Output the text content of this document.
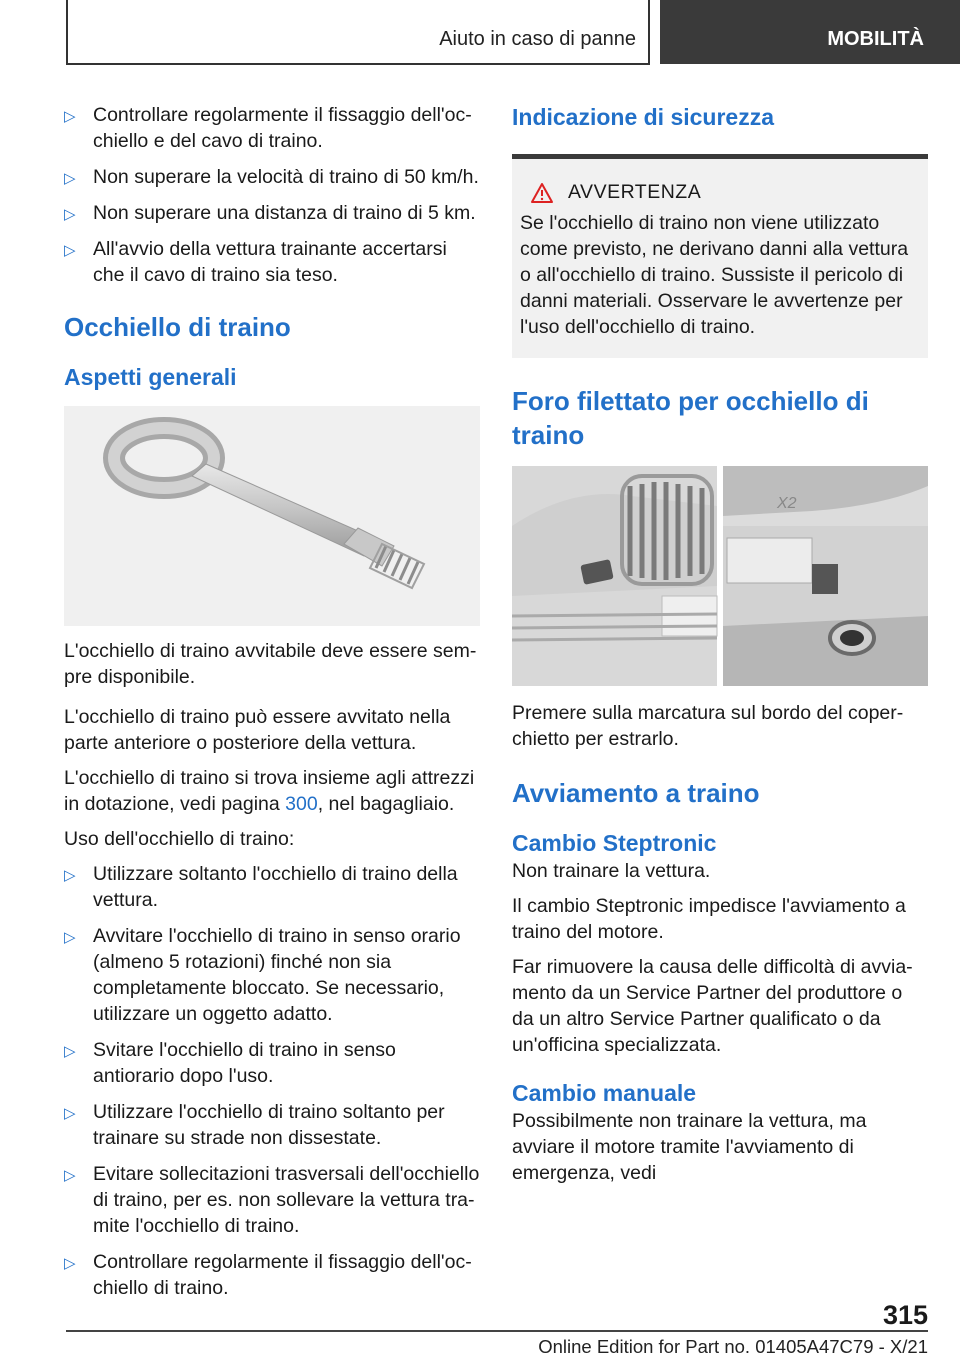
Aiuto in caso di panne	MOBILITÀ
▷ Controllare regolarmente il fissaggio dell'occhiello e del cavo di traino.
▷ Non superare la velocità di traino di 50 km/h.
▷ Non superare una distanza di traino di 5 km.
▷ All'avvio della vettura trainante accertarsi che il cavo di traino sia teso.
Occhiello di traino
Aspetti generali

L'occhiello di traino avvitabile deve essere sempre disponibile.

L'occhiello di traino può essere avvitato nella parte anteriore o posteriore della vettura.

L'occhiello di traino si trova insieme agli attrezzi in dotazione, vedi pagina 300, nel bagagliaio.

Uso dell'occhiello di traino:

▷ Utilizzare soltanto l'occhiello di traino della vettura.
▷ Avvitare l'occhiello di traino in senso orario (almeno 5 rotazioni) finché non sia completamente bloccato. Se necessario, utilizzare un oggetto adatto.
▷ Svitare l'occhiello di traino in senso antiorario dopo l'uso.
▷ Utilizzare l'occhiello di traino soltanto per trainare su strade non dissestate.
▷ Evitare sollecitazioni trasversali dell'occhiello di traino, per es. non sollevare la vettura tramite l'occhiello di traino.
▷ Controllare regolarmente il fissaggio dell'occhiello di traino.
Indicazione di sicurezza
AVVERTENZA

Se l'occhiello di traino non viene utilizzato come previsto, ne derivano danni alla vettura o all'occhiello di traino. Sussiste il pericolo di danni materiali. Osservare le avvertenze per l'uso dell'occhiello di traino.

Foro filettato per occhiello di traino
X2

Premere sulla marcatura sul bordo del coperchietto per estrarlo.

Avviamento a traino
Cambio Steptronic

Non trainare la vettura.

Il cambio Steptronic impedisce l'avviamento a traino del motore.

Far rimuovere la causa delle difficoltà di avviamento da un Service Partner del produttore o da un altro Service Partner qualificato o da un'officina specializzata.

Cambio manuale

Possibilmente non trainare la vettura, ma avviare il motore tramite l'avviamento di emergenza, vedi

315
Online Edition for Part no. 01405A47C79 - X/21
